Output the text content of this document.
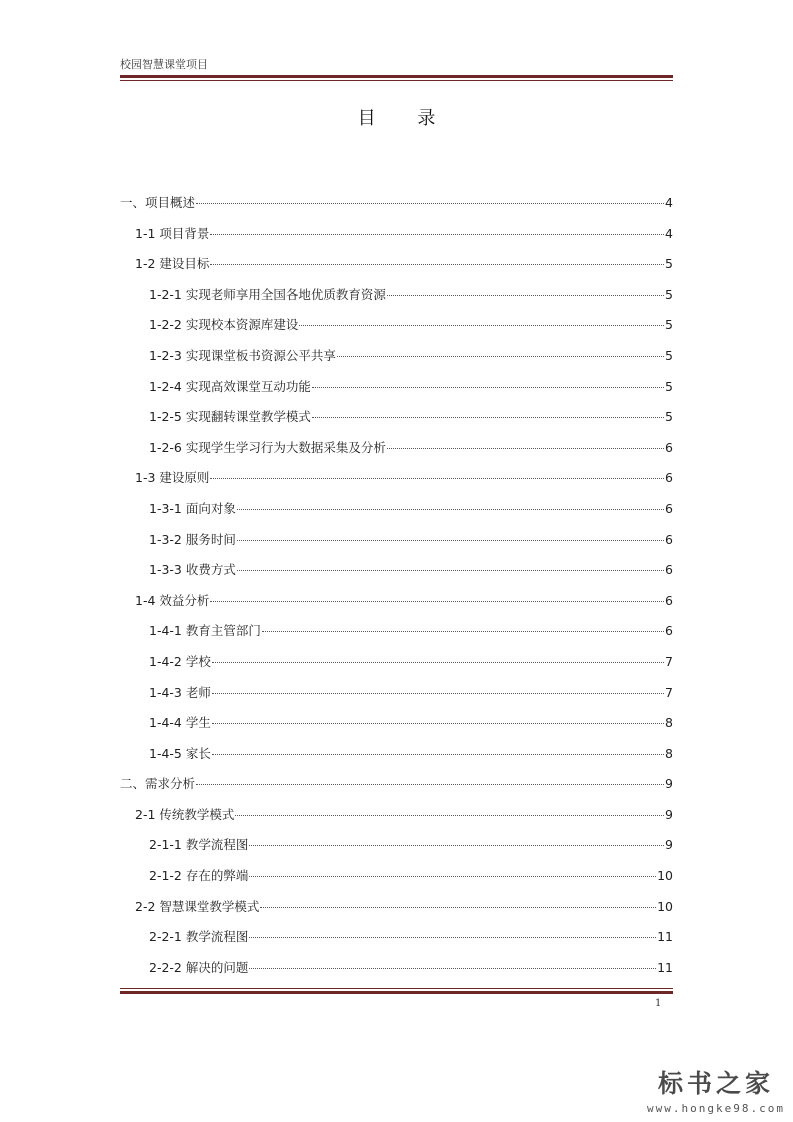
校园智慧课堂项目
目 录
一、项目概述	4
1-1 项目背景	4
1-2 建设目标	5
1-2-1 实现老师享用全国各地优质教育资源	5
1-2-2 实现校本资源库建设	5
1-2-3 实现课堂板书资源公平共享	5
1-2-4 实现高效课堂互动功能	5
1-2-5 实现翻转课堂教学模式	5
1-2-6 实现学生学习行为大数据采集及分析	6
1-3 建设原则	6
1-3-1 面向对象	6
1-3-2 服务时间	6
1-3-3 收费方式	6
1-4 效益分析	6
1-4-1 教育主管部门	6
1-4-2 学校	7
1-4-3 老师	7
1-4-4 学生	8
1-4-5 家长	8
二、需求分析	9
2-1 传统教学模式	9
2-1-1 教学流程图	9
2-1-2 存在的弊端	10
2-2 智慧课堂教学模式	10
2-2-1 教学流程图	11
2-2-2 解决的问题	11
1
标书之家
www.hongke98.com
